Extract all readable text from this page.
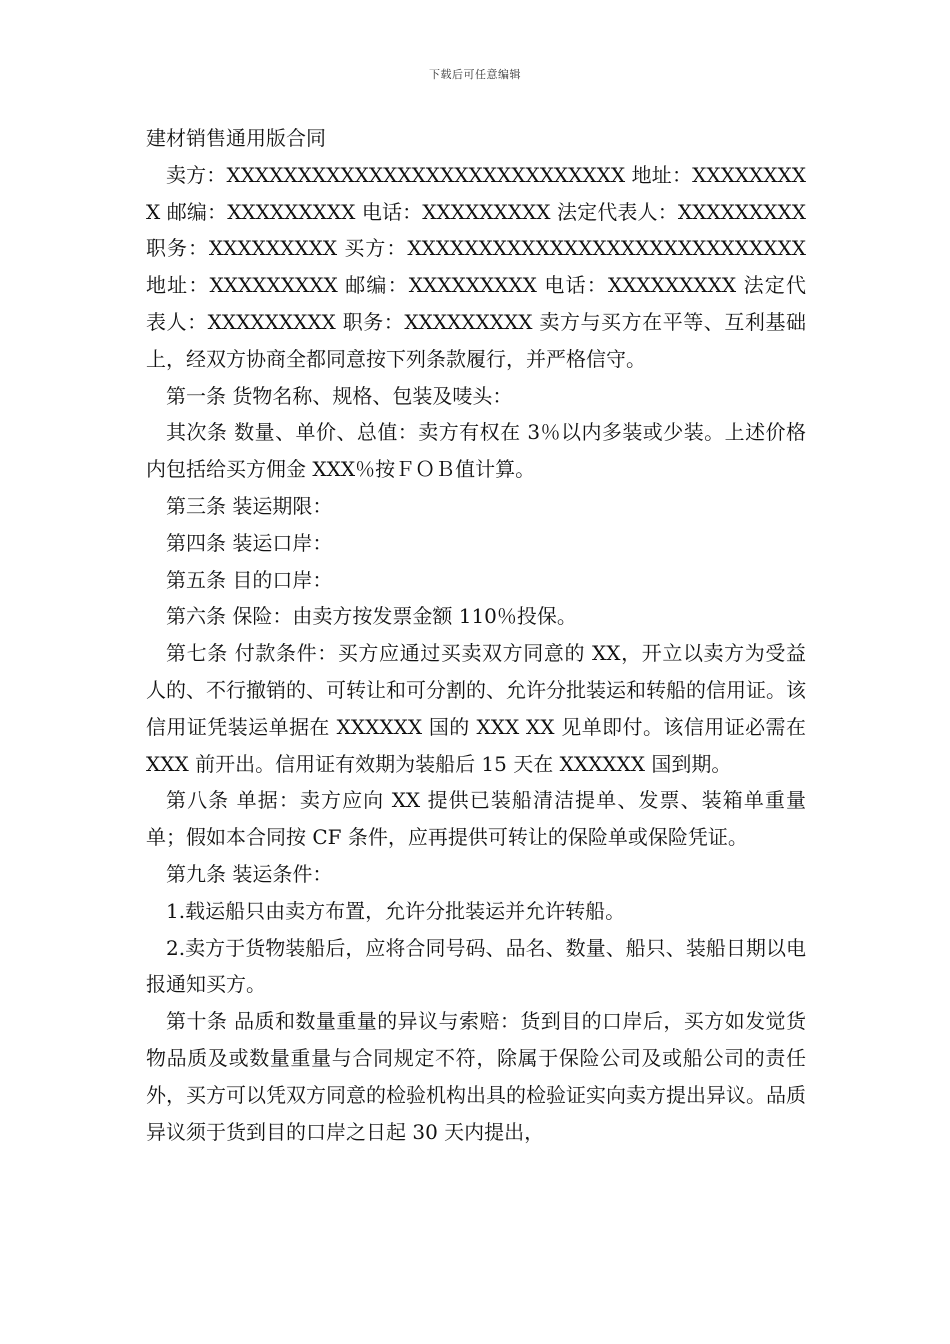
下载后可任意编辑
建材销售通用版合同

卖方：XXXXXXXXXXXXXXXXXXXXXXXXXXXX 地址：XXXXXXXXX 邮编：XXXXXXXXX 电话：XXXXXXXXX 法定代表人：XXXXXXXXX 职务：XXXXXXXXX 买方：XXXXXXXXXXXXXXXXXXXXXXXXXXXX 地址：XXXXXXXXX 邮编：XXXXXXXXX 电话：XXXXXXXXX 法定代表人：XXXXXXXXX 职务：XXXXXXXXX 卖方与买方在平等、互利基础上，经双方协商全都同意按下列条款履行，并严格信守。

第一条 货物名称、规格、包装及唛头：

其次条 数量、单价、总值：卖方有权在 3％以内多装或少装。上述价格内包括给买方佣金 XXX％按ＦＯＢ值计算。

第三条 装运期限：

第四条 装运口岸：

第五条 目的口岸：

第六条 保险：由卖方按发票金额 110％投保。

第七条 付款条件：买方应通过买卖双方同意的 XX，开立以卖方为受益人的、不行撤销的、可转让和可分割的、允许分批装运和转船的信用证。该信用证凭装运单据在 XXXXXX 国的 XXX XX 见单即付。该信用证必需在 XXX 前开出。信用证有效期为装船后 15 天在 XXXXXX 国到期。

第八条 单据：卖方应向 XX 提供已装船清洁提单、发票、装箱单重量单；假如本合同按 CF 条件，应再提供可转让的保险单或保险凭证。

第九条 装运条件：

1.载运船只由卖方布置，允许分批装运并允许转船。

2.卖方于货物装船后，应将合同号码、品名、数量、船只、装船日期以电报通知买方。

第十条 品质和数量重量的异议与索赔：货到目的口岸后，买方如发觉货物品质及或数量重量与合同规定不符，除属于保险公司及或船公司的责任外，买方可以凭双方同意的检验机构出具的检验证实向卖方提出异议。品质异议须于货到目的口岸之日起 30 天内提出，
